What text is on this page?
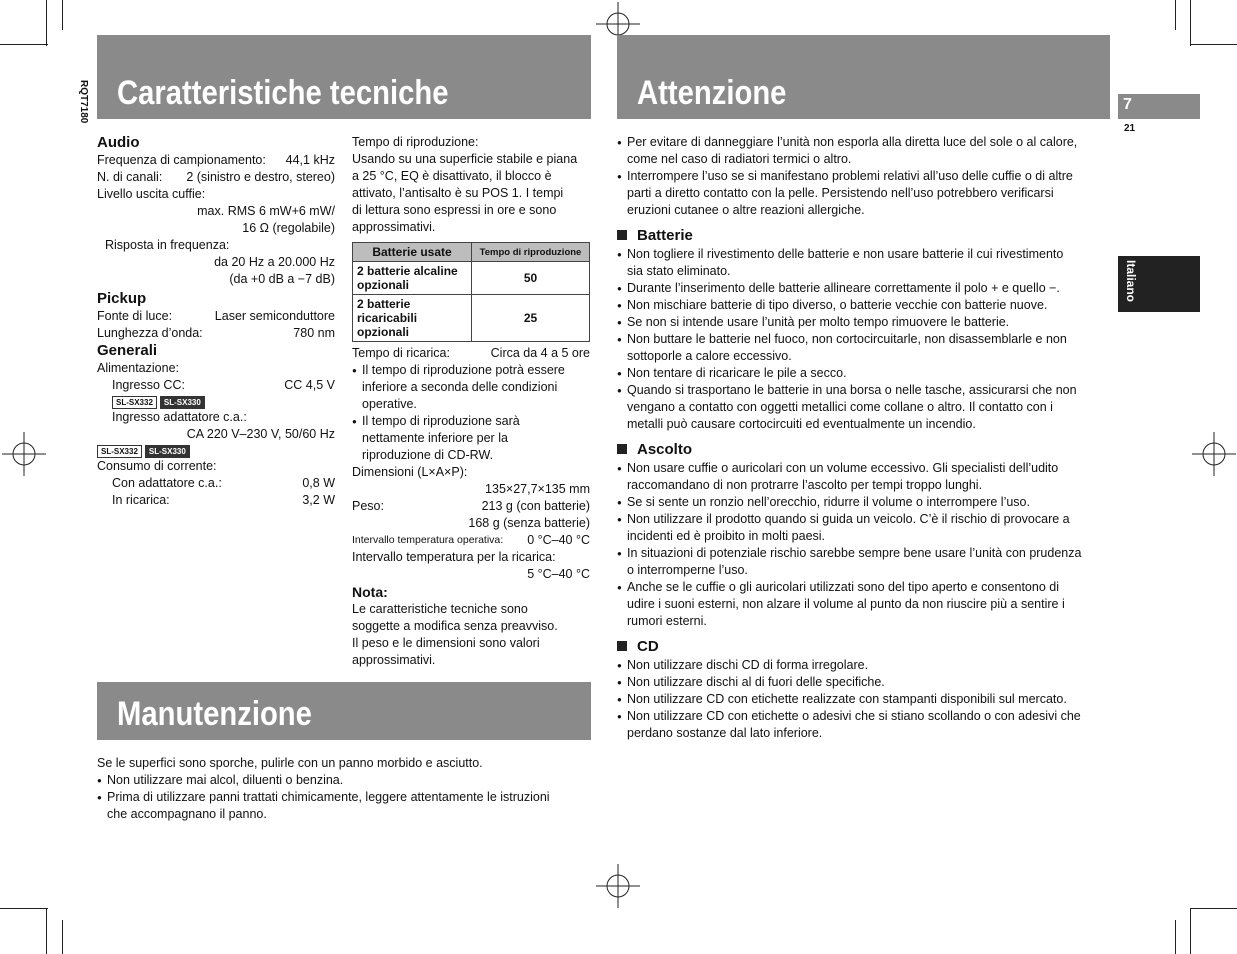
RQT7180 Caratteristiche tecniche	Attenzione
Manutenzione
7
21
Italiano
Audio
Frequenza di campionamento: 44,1 kHz
N. di canali: 2 (sinistro e destro, stereo)
Livello uscita cuffie:
max. RMS 6 mW+6 mW/
16 Ω (regolabile)
Risposta in frequenza:
da 20 Hz a 20.000 Hz
(da +0 dB a −7 dB)
Pickup
Fonte di luce:	Laser semiconduttore
Lunghezza d’onda:	780 nm
Generali
Alimentazione:
Ingresso CC:	CC 4,5 V
SL-SX332 SL-SX330
Ingresso adattatore c.a.:
CA 220 V–230 V, 50/60 Hz
SL-SX332 SL-SX330
Consumo di corrente:
Con adattatore c.a.:	0,8 W
In ricarica:	3,2 W
Tempo di riproduzione:
Usando su una superficie stabile e piana
a 25 °C, EQ è disattivato, il blocco è
attivato, l’antisalto è su POS 1. I tempi
di lettura sono espressi in ore e sono
approssimativi.
Batterie usate	Tempo di riproduzione
2 batterie alcaline
opzionali	50
2 batterie
ricaricabili
opzionali	25
Tempo di ricarica:	Circa da 4 a 5 ore
● Il tempo di riproduzione potrà essere
inferiore a seconda delle condizioni
operative.
● Il tempo di riproduzione sarà
nettamente inferiore per la
riproduzione di CD-RW.
Dimensioni (L×A×P):
135×27,7×135 mm
Peso:	213 g (con batterie)
168 g (senza batterie)
Intervallo temperatura operativa: 0 °C–40 °C
Intervallo temperatura per la ricarica:
5 °C–40 °C
Nota:
Le caratteristiche tecniche sono
soggette a modifica senza preavviso.
Il peso e le dimensioni sono valori
approssimativi.
Se le superfici sono sporche, pulirle con un panno morbido e asciutto.
● Non utilizzare mai alcol, diluenti o benzina.
● Prima di utilizzare panni trattati chimicamente, leggere attentamente le istruzioni
che accompagnano il panno.
● Per evitare di danneggiare l’unità non esporla alla diretta luce del sole o al calore,
come nel caso di radiatori termici o altro.
● Interrompere l’uso se si manifestano problemi relativi all’uso delle cuffie o di altre
parti a diretto contatto con la pelle. Persistendo nell’uso potrebbero verificarsi
eruzioni cutanee o altre reazioni allergiche.
Batterie
● Non togliere il rivestimento delle batterie e non usare batterie il cui rivestimento
sia stato eliminato.
● Durante l’inserimento delle batterie allineare correttamente il polo + e quello −.
● Non mischiare batterie di tipo diverso, o batterie vecchie con batterie nuove.
● Se non si intende usare l’unità per molto tempo rimuovere le batterie.
● Non buttare le batterie nel fuoco, non cortocircuitarle, non disassemblarle e non
sottoporle a calore eccessivo.
● Non tentare di ricaricare le pile a secco.
● Quando si trasportano le batterie in una borsa o nelle tasche, assicurarsi che non
vengano a contatto con oggetti metallici come collane o altro. Il contatto con i
metalli può causare cortocircuiti ed eventualmente un incendio.
Ascolto
● Non usare cuffie o auricolari con un volume eccessivo. Gli specialisti dell’udito
raccomandano di non protrarre l’ascolto per tempi troppo lunghi.
● Se si sente un ronzio nell’orecchio, ridurre il volume o interrompere l’uso.
● Non utilizzare il prodotto quando si guida un veicolo. C’è il rischio di provocare a
incidenti ed è proibito in molti paesi.
● In situazioni di potenziale rischio sarebbe sempre bene usare l’unità con prudenza
o interromperne l’uso.
● Anche se le cuffie o gli auricolari utilizzati sono del tipo aperto e consentono di
udire i suoni esterni, non alzare il volume al punto da non riuscire più a sentire i
rumori esterni.
CD
● Non utilizzare dischi CD di forma irregolare.
● Non utilizzare dischi al di fuori delle specifiche.
● Non utilizzare CD con etichette realizzate con stampanti disponibili sul mercato.
● Non utilizzare CD con etichette o adesivi che si stiano scollando o con adesivi che
perdano sostanze dal lato inferiore.
